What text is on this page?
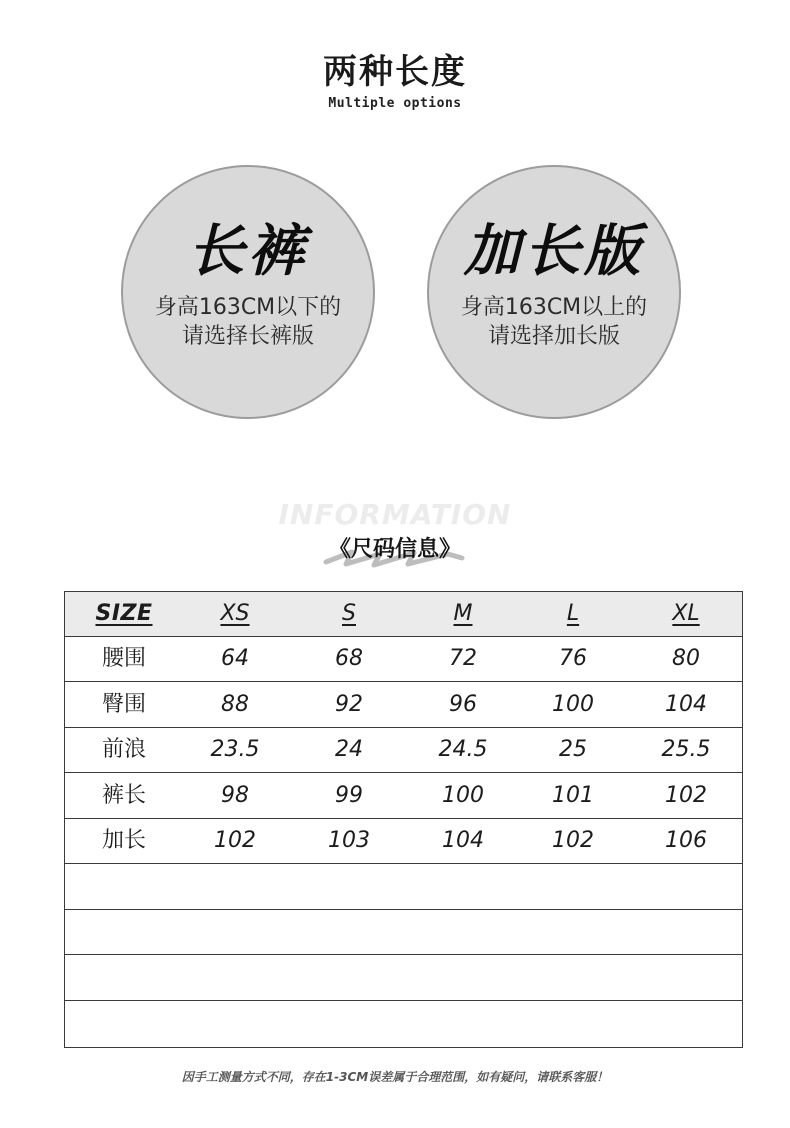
两种长度
Multiple options
长裤
身高163CM以下的
请选择长裤版
加长版
身高163CM以上的
请选择加长版
INFORMATION
《尺码信息》
SIZE	XS	S	M	L	XL
腰围	64	68	72	76	80
臀围	88	92	96	100	104
前浪	23.5	24	24.5	25	25.5
裤长	98	99	100	101	102
加长	102	103	104	102	106
因手工测量方式不同，存在1-3CM误差属于合理范围，如有疑问，请联系客服！
